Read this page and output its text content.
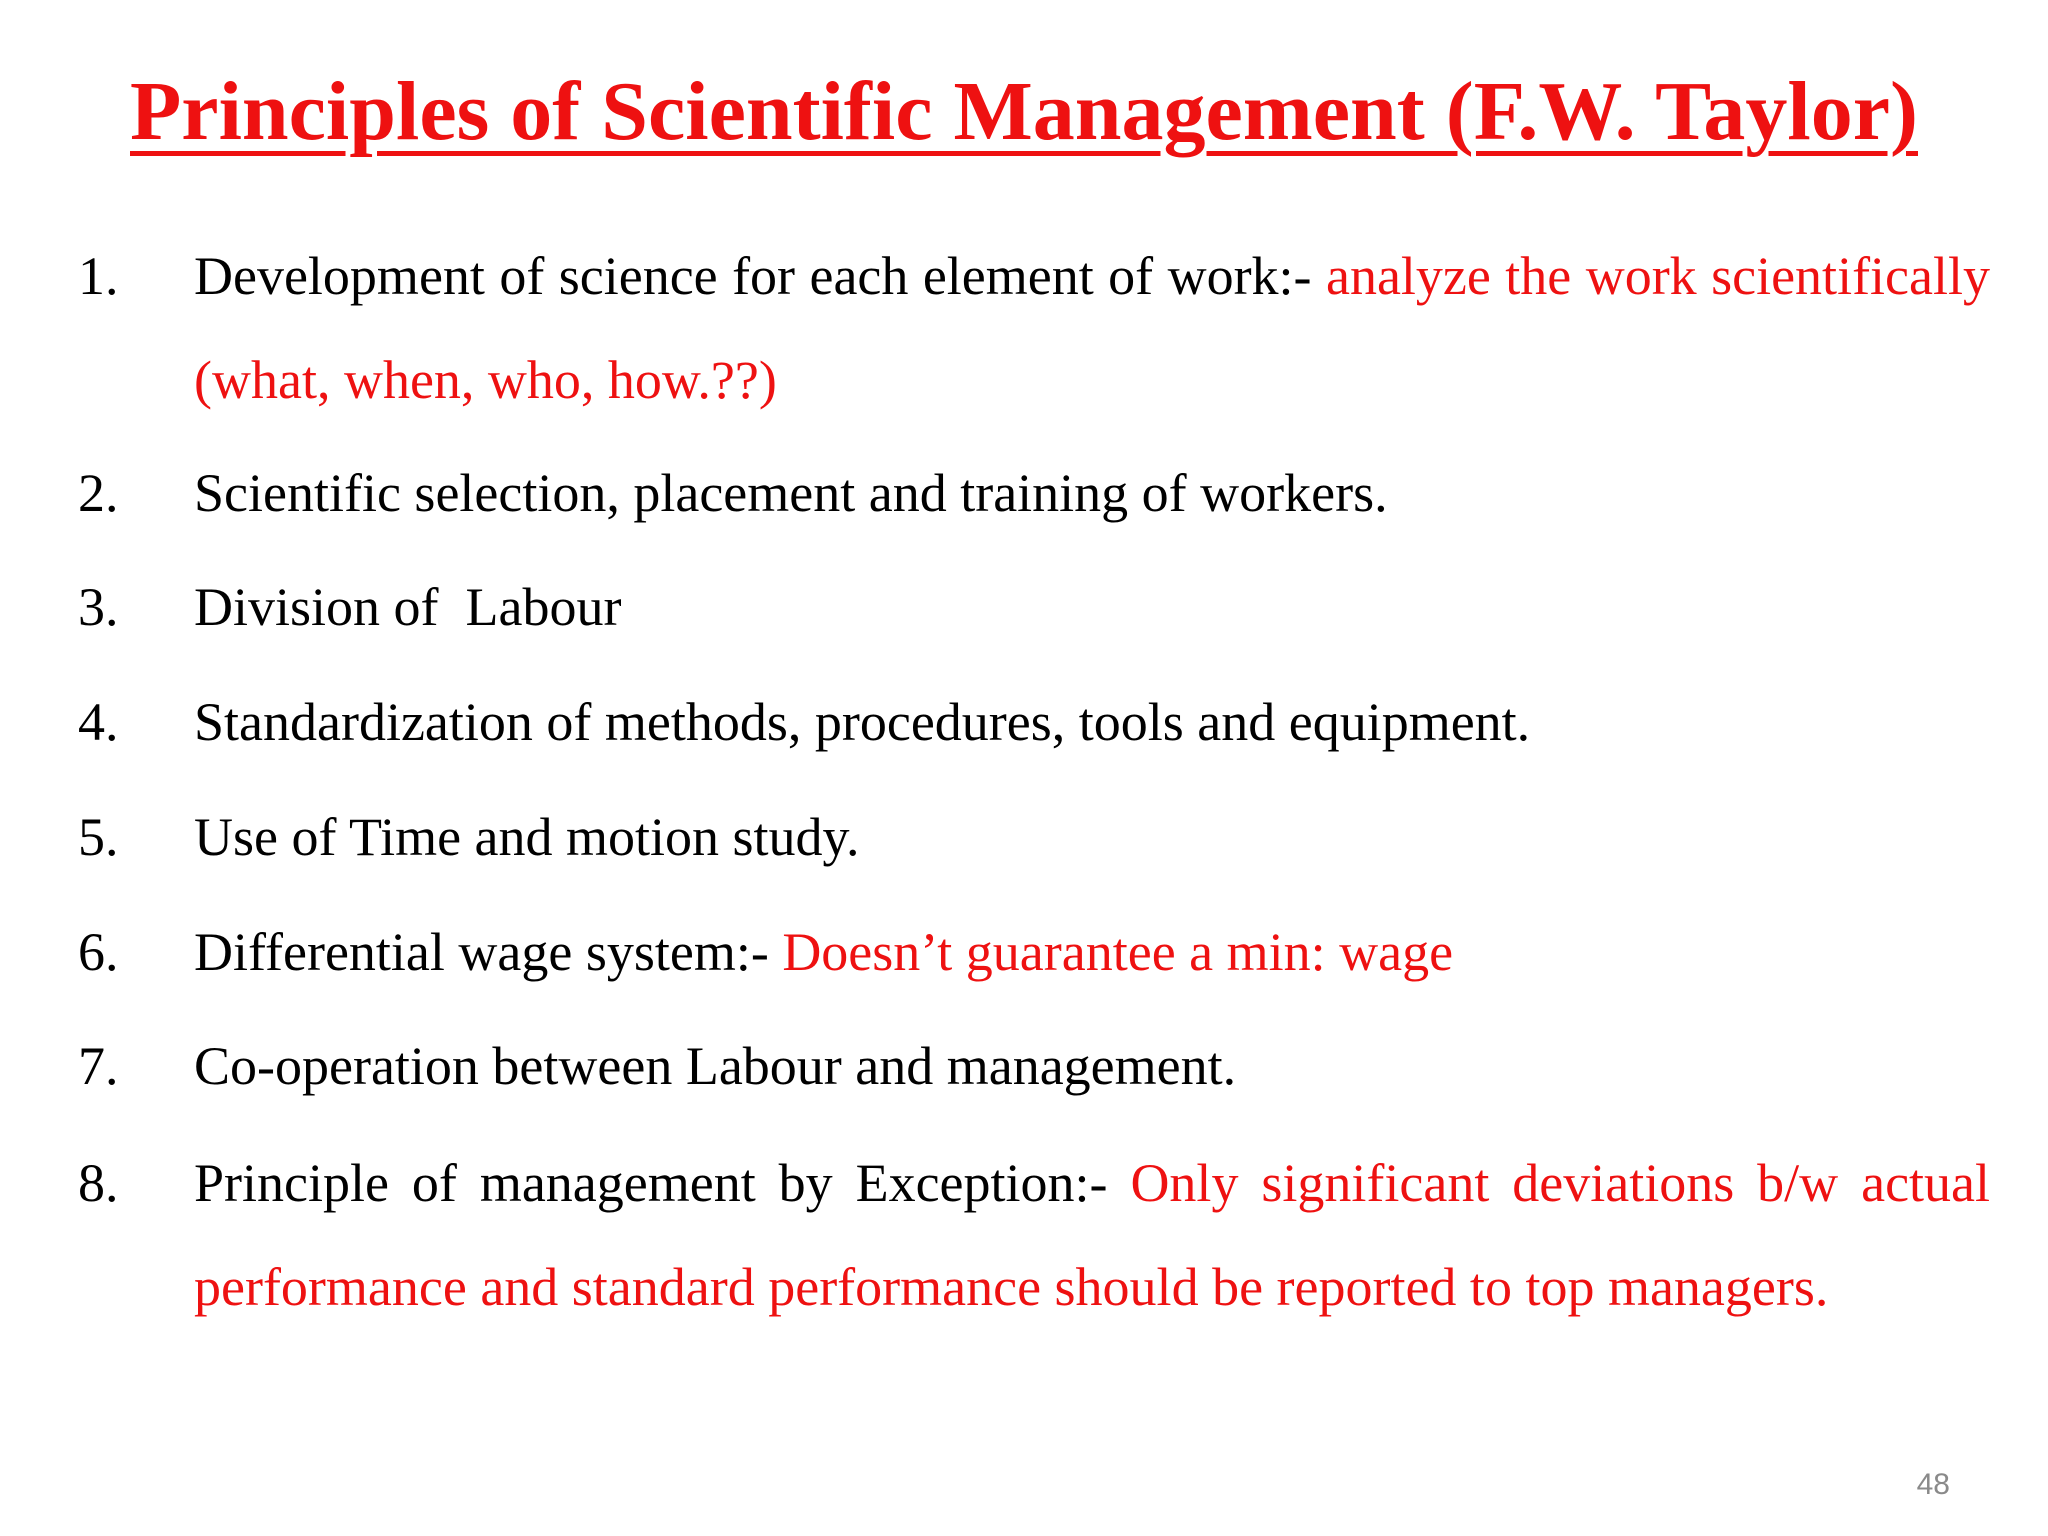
Principles of Scientific Management (F.W. Taylor)
1.	Development of science for each element of work:- analyze the work scientifically (what, when, who, how.??)
2.	Scientific selection, placement and training of workers.
3.	Division of  Labour
4.	Standardization of methods, procedures, tools and equipment.
5.	Use of Time and motion study.
6.	Differential wage system:- Doesn’t guarantee a min: wage
7.	Co-operation between Labour and management.
8.	Principle of management by Exception:- Only significant deviations b/w actual performance and standard performance should be reported to top managers.
48
